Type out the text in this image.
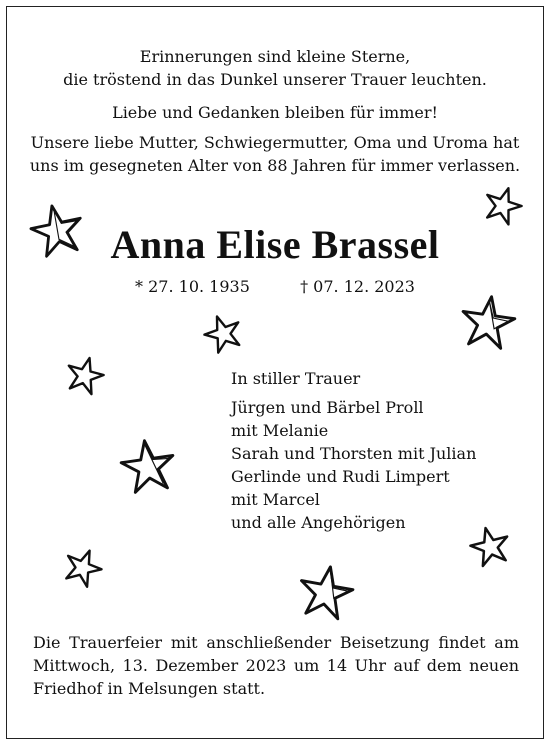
Erinnerungen sind kleine Sterne,
die tröstend in das Dunkel unserer Trauer leuchten.
Liebe und Gedanken bleiben für immer!
Unsere liebe Mutter, Schwiegermutter, Oma und Uroma hat
uns im gesegneten Alter von 88 Jahren für immer verlassen.
Anna Elise Brassel
* 27. 10. 1935	† 07. 12. 2023
In stiller Trauer
Jürgen und Bärbel Proll
mit Melanie
Sarah und Thorsten mit Julian
Gerlinde und Rudi Limpert
mit Marcel
und alle Angehörigen
Die Trauerfeier mit anschließender Beisetzung findet am Mittwoch, 13. Dezember 2023 um 14 Uhr auf dem neuen Friedhof in Melsungen statt.
